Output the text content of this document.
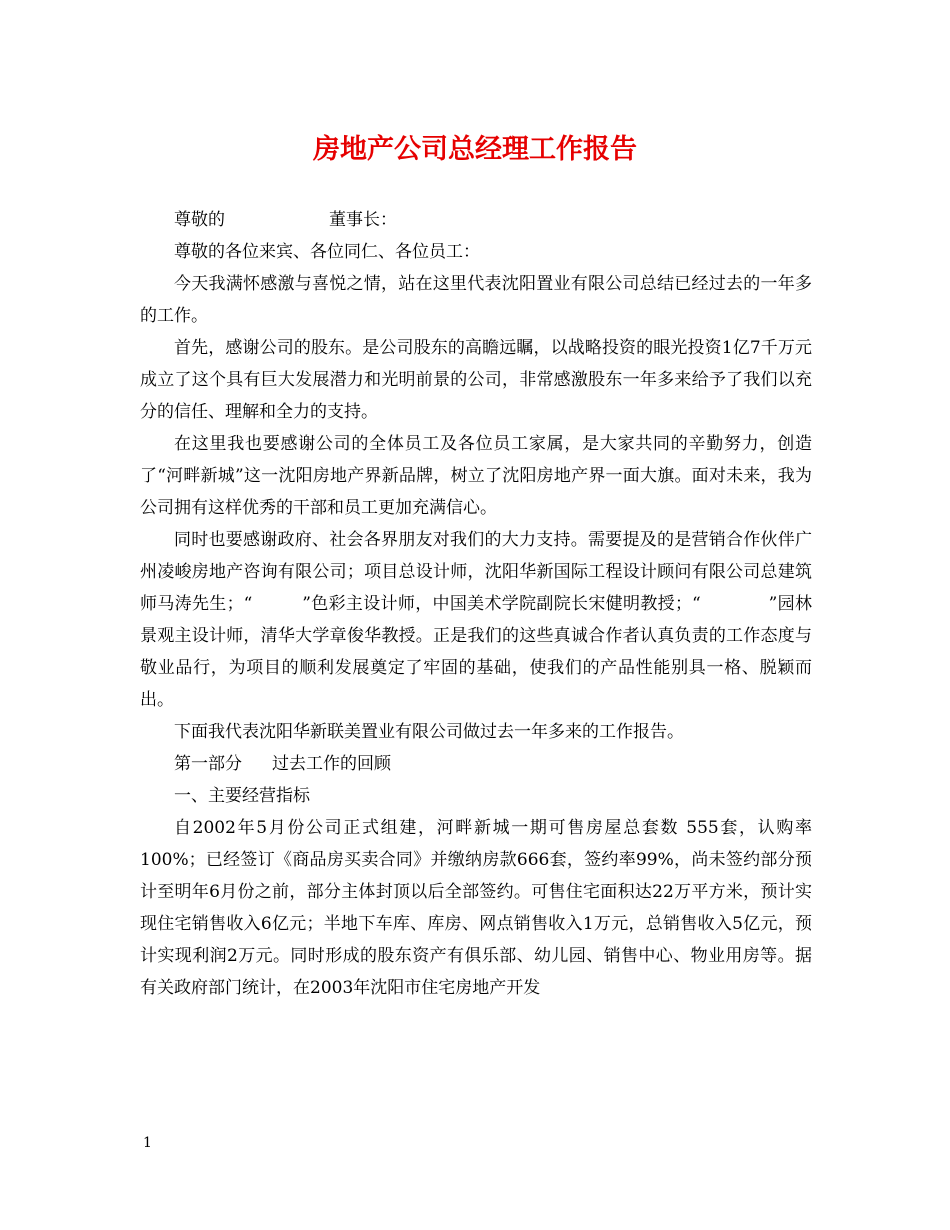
房地产公司总经理工作报告

尊敬的	董事长：

尊敬的各位来宾、各位同仁、各位员工：

今天我满怀感激与喜悦之情，站在这里代表沈阳置业有限公司总结已经过去的一年多的工作。

首先，感谢公司的股东。是公司股东的高瞻远瞩，以战略投资的眼光投资1亿7千万元成立了这个具有巨大发展潜力和光明前景的公司，非常感激股东一年多来给予了我们以充分的信任、理解和全力的支持。

在这里我也要感谢公司的全体员工及各位员工家属，是大家共同的辛勤努力，创造了“河畔新城”这一沈阳房地产界新品牌，树立了沈阳房地产界一面大旗。面对未来，我为公司拥有这样优秀的干部和员工更加充满信心。

同时也要感谢政府、社会各界朋友对我们的大力支持。需要提及的是营销合作伙伴广州凌峻房地产咨询有限公司；项目总设计师，沈阳华新国际工程设计顾问有限公司总建筑师马涛先生；“	”色彩主设计师，中国美术学院副院长宋健明教授；“	”园林景观主设计师，清华大学章俊华教授。正是我们的这些真诚合作者认真负责的工作态度与敬业品行，为项目的顺利发展奠定了牢固的基础，使我们的产品性能别具一格、脱颖而出。

下面我代表沈阳华新联美置业有限公司做过去一年多来的工作报告。

第一部分 过去工作的回顾

一、主要经营指标

自2002年5月份公司正式组建，河畔新城一期可售房屋总套数 555套，认购率100%；已经签订《商品房买卖合同》并缴纳房款666套，签约率99%，尚未签约部分预计至明年6月份之前，部分主体封顶以后全部签约。可售住宅面积达22万平方米，预计实现住宅销售收入6亿元；半地下车库、库房、网点销售收入1万元，总销售收入5亿元，预计实现利润2万元。同时形成的股东资产有俱乐部、幼儿园、销售中心、物业用房等。据有关政府部门统计，在2003年沈阳市住宅房地产开发

1
